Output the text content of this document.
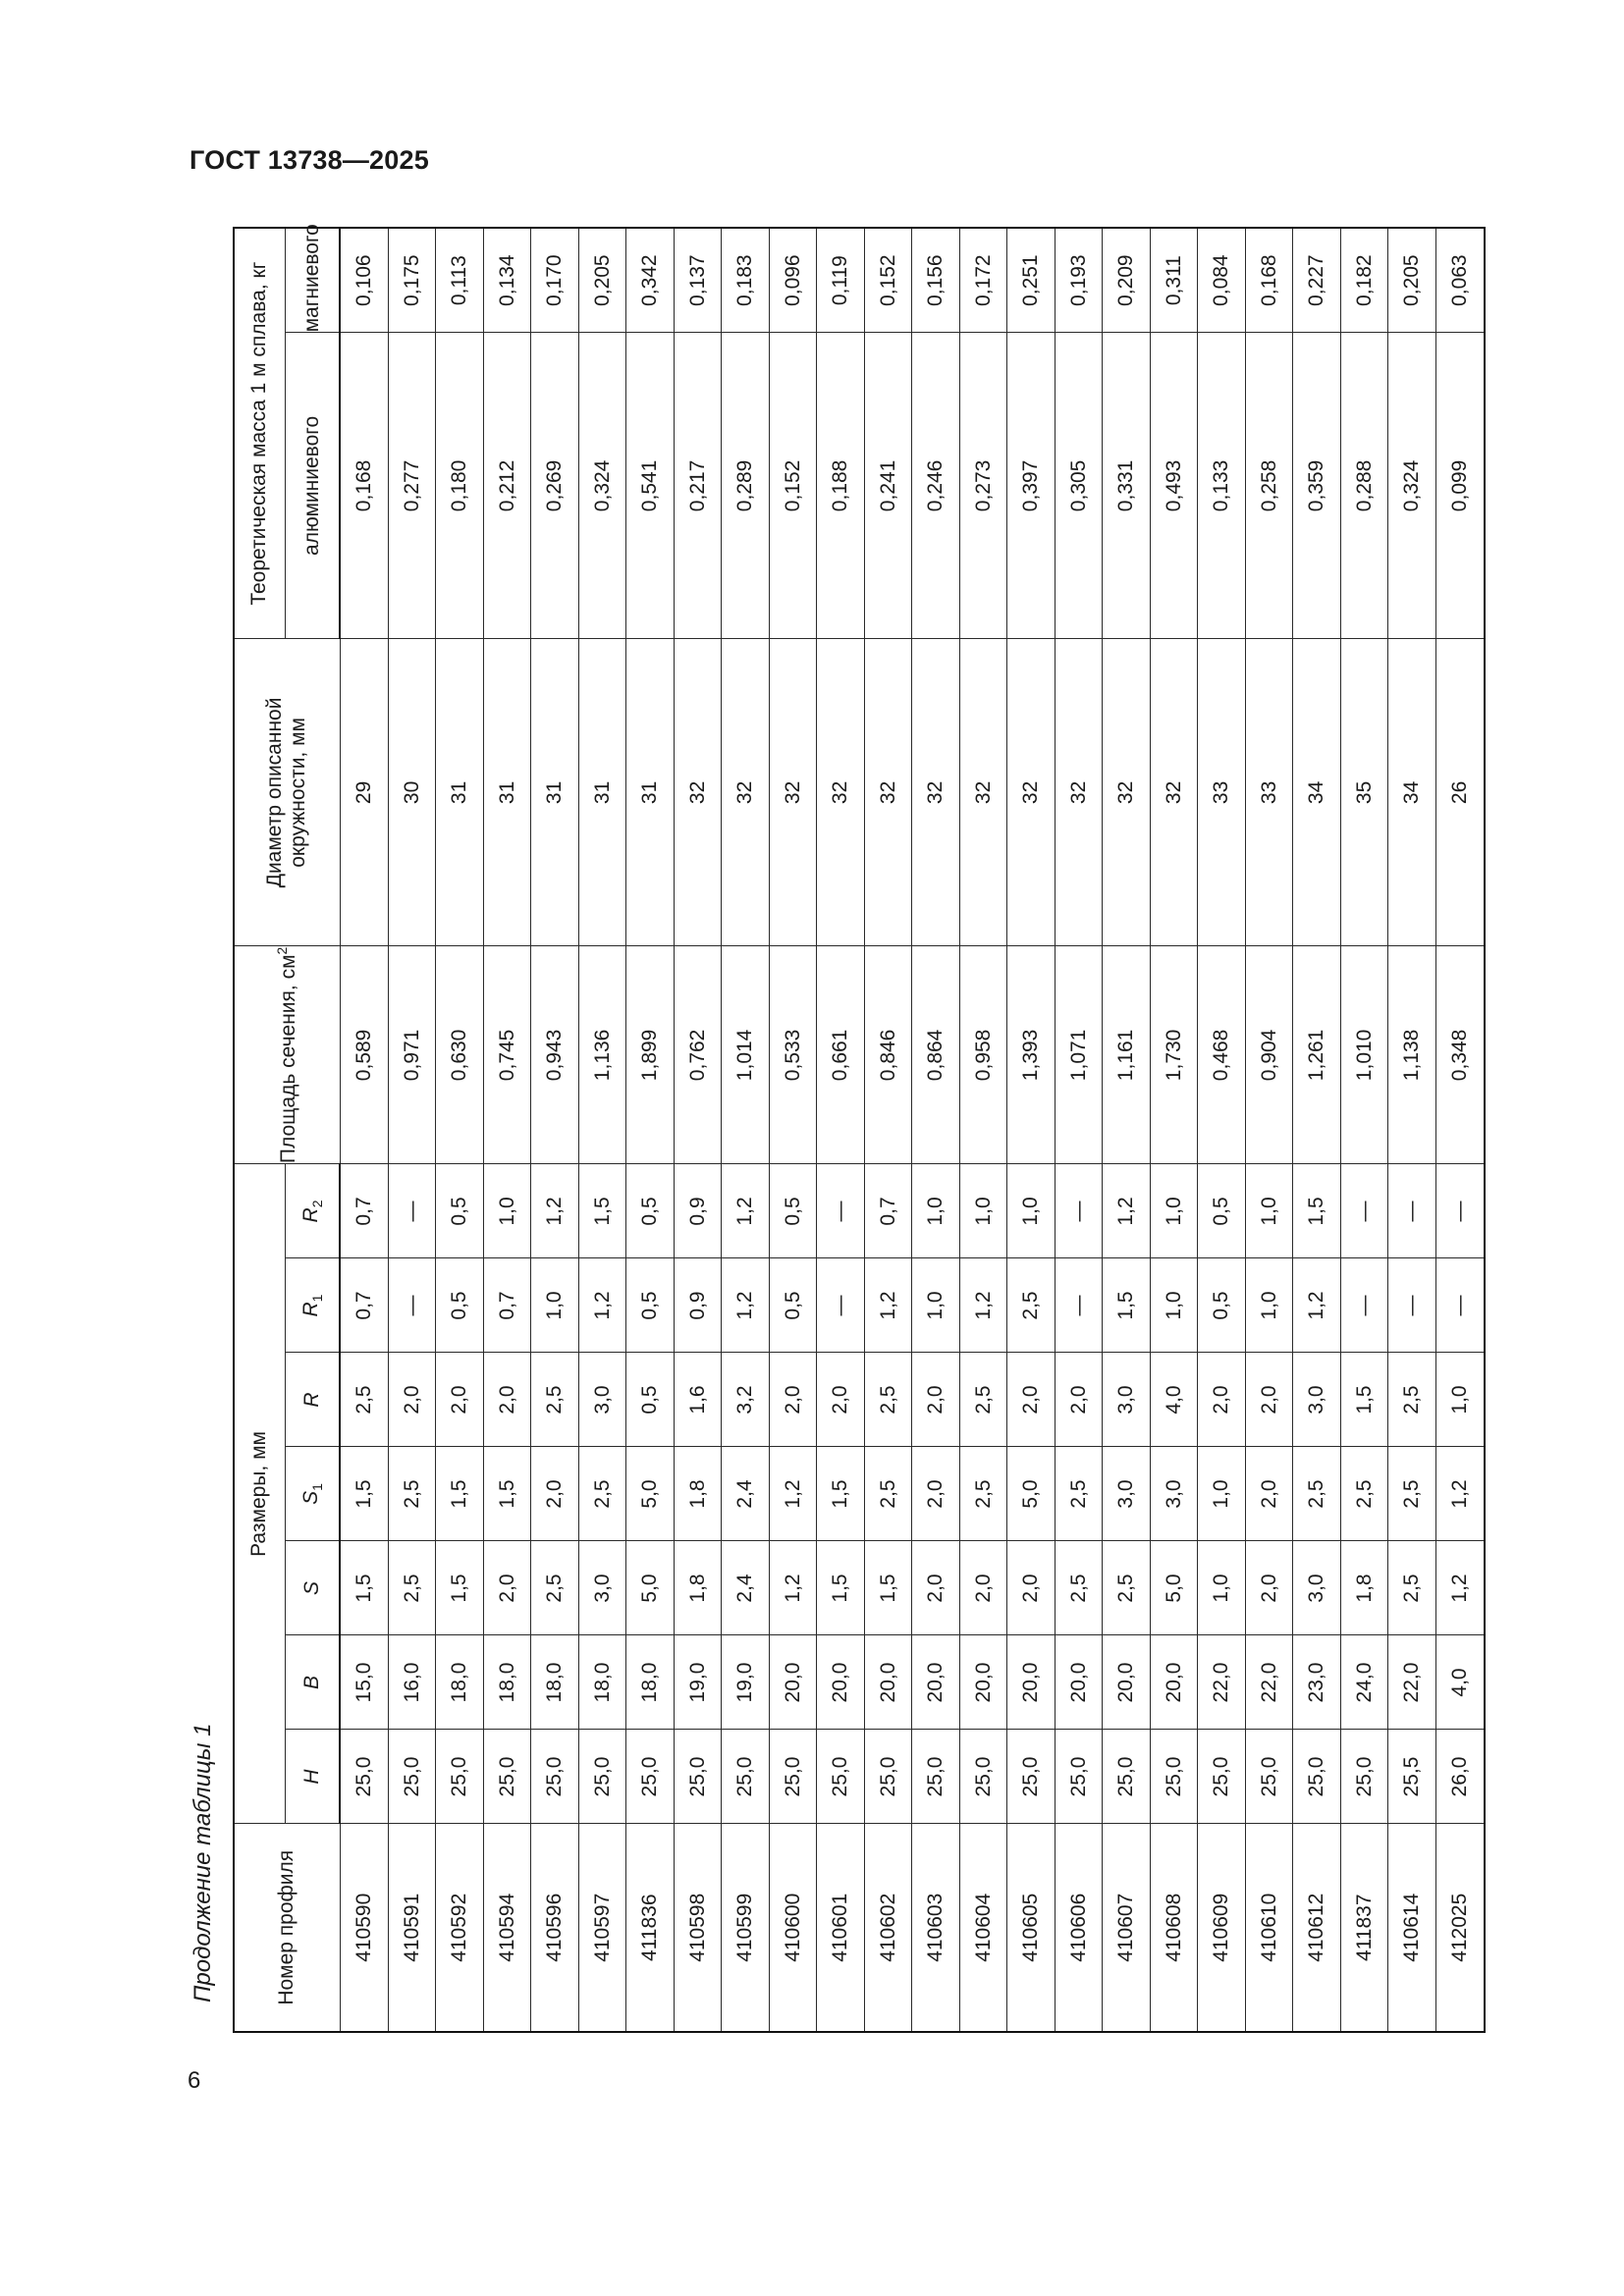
ГОСТ 13738—2025
Продолжение таблицы 1
6
Номер профиля	Размеры, мм							Площадь сечения, $см^2$	Диаметр описанной окружности, мм	Теоретическая масса 1 м сплава, кг	
	H	B	S	$S_1$	R	$R_1$	$R_2$			алюминиевого	магниевого
410590	25,0	15,0	1,5	1,5	2,5	0,7	0,7	0,589	29	0,168	0,106
410591	25,0	16,0	2,5	2,5	2,0	—	—	0,971	30	0,277	0,175
410592	25,0	18,0	1,5	1,5	2,0	0,5	0,5	0,630	31	0,180	0,113
410594	25,0	18,0	2,0	1,5	2,0	0,7	1,0	0,745	31	0,212	0,134
410596	25,0	18,0	2,5	2,0	2,5	1,0	1,2	0,943	31	0,269	0,170
410597	25,0	18,0	3,0	2,5	3,0	1,2	1,5	1,136	31	0,324	0,205
411836	25,0	18,0	5,0	5,0	0,5	0,5	0,5	1,899	31	0,541	0,342
410598	25,0	19,0	1,8	1,8	1,6	0,9	0,9	0,762	32	0,217	0,137
410599	25,0	19,0	2,4	2,4	3,2	1,2	1,2	1,014	32	0,289	0,183
410600	25,0	20,0	1,2	1,2	2,0	0,5	0,5	0,533	32	0,152	0,096
410601	25,0	20,0	1,5	1,5	2,0	—	—	0,661	32	0,188	0,119
410602	25,0	20,0	1,5	2,5	2,5	1,2	0,7	0,846	32	0,241	0,152
410603	25,0	20,0	2,0	2,0	2,0	1,0	1,0	0,864	32	0,246	0,156
410604	25,0	20,0	2,0	2,5	2,5	1,2	1,0	0,958	32	0,273	0,172
410605	25,0	20,0	2,0	5,0	2,0	2,5	1,0	1,393	32	0,397	0,251
410606	25,0	20,0	2,5	2,5	2,0	—	—	1,071	32	0,305	0,193
410607	25,0	20,0	2,5	3,0	3,0	1,5	1,2	1,161	32	0,331	0,209
410608	25,0	20,0	5,0	3,0	4,0	1,0	1,0	1,730	32	0,493	0,311
410609	25,0	22,0	1,0	1,0	2,0	0,5	0,5	0,468	33	0,133	0,084
410610	25,0	22,0	2,0	2,0	2,0	1,0	1,0	0,904	33	0,258	0,168
410612	25,0	23,0	3,0	2,5	3,0	1,2	1,5	1,261	34	0,359	0,227
411837	25,0	24,0	1,8	2,5	1,5	—	—	1,010	35	0,288	0,182
410614	25,5	22,0	2,5	2,5	2,5	—	—	1,138	34	0,324	0,205
412025	26,0	4,0	1,2	1,2	1,0	—	—	0,348	26	0,099	0,063
